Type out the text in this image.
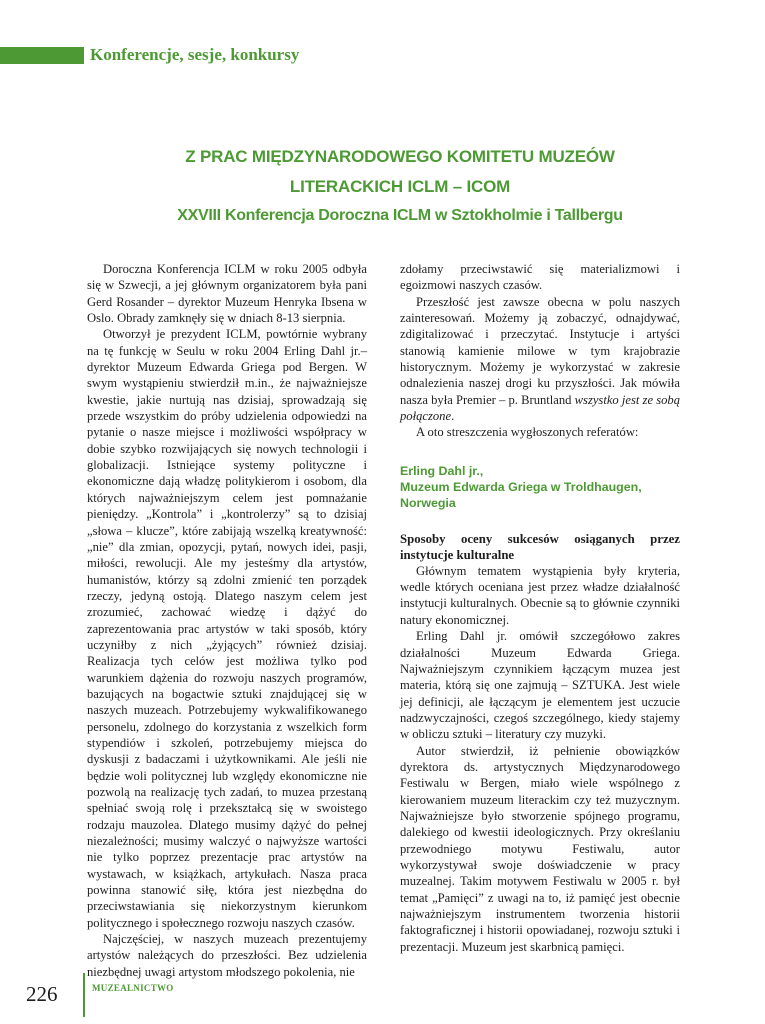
Konferencje, sesje, konkursy
Z PRAC MIĘDZYNARODOWEGO KOMITETU MUZEÓW
LITERACKICH ICLM – ICOM
XXVIII Konferencja Doroczna ICLM w Sztokholmie i Tallbergu

Doroczna Konferencja ICLM w roku 2005 odbyła się w Szwecji, a jej głównym organizatorem była pani Gerd Rosander – dyrektor Muzeum Henryka Ibsena w Oslo. Obrady zamknęły się w dniach 8-13 sierpnia.

Otworzył je prezydent ICLM, powtórnie wybrany na tę funkcję w Seulu w roku 2004 Erling Dahl jr.– dyrektor Muzeum Edwarda Griega pod Bergen. W swym wystąpieniu stwierdził m.in., że najważniejsze kwestie, jakie nurtują nas dzisiaj, sprowadzają się przede wszystkim do próby udzielenia odpowiedzi na pytanie o nasze miejsce i możliwości współpracy w dobie szybko rozwijających się nowych technologii i globalizacji. Istniejące systemy polityczne i ekonomiczne dają władzę politykierom i osobom, dla których najważniejszym celem jest pomnażanie pieniędzy. „Kontrola” i „kontrolerzy” są to dzisiaj „słowa – klucze”, które zabijają wszelką kreatywność: „nie” dla zmian, opozycji, pytań, nowych idei, pasji, miłości, rewolucji. Ale my jesteśmy dla artystów, humanistów, którzy są zdolni zmienić ten porządek rzeczy, jedyną ostoją. Dlatego naszym celem jest zrozumieć, zachować wiedzę i dążyć do zaprezentowania prac artystów w taki sposób, który uczyniłby z nich „żyjących” również dzisiaj. Realizacja tych celów jest możliwa tylko pod warunkiem dążenia do rozwoju naszych programów, bazujących na bogactwie sztuki znajdującej się w naszych muzeach. Potrzebujemy wykwalifikowanego personelu, zdolnego do korzystania z wszelkich form stypendiów i szkoleń, potrzebujemy miejsca do dyskusji z badaczami i użytkownikami. Ale jeśli nie będzie woli politycznej lub względy ekonomiczne nie pozwolą na realizację tych zadań, to muzea przestaną spełniać swoją rolę i przekształcą się w swoistego rodzaju mauzolea. Dlatego musimy dążyć do pełnej niezależności; musimy walczyć o najwyższe wartości nie tylko poprzez prezentacje prac artystów na wystawach, w książkach, artykułach. Nasza praca powinna stanowić siłę, która jest niezbędna do przeciwstawiania się niekorzystnym kierunkom politycznego i społecznego rozwoju naszych czasów.

Najczęściej, w naszych muzeach prezentujemy artystów należących do przeszłości. Bez udzielenia niezbędnej uwagi artystom młodszego pokolenia, nie

zdołamy przeciwstawić się materializmowi i egoizmowi naszych czasów.

Przeszłość jest zawsze obecna w polu naszych zainteresowań. Możemy ją zobaczyć, odnajdywać, zdigitalizować i przeczytać. Instytucje i artyści stanowią kamienie milowe w tym krajobrazie historycznym. Możemy je wykorzystać w zakresie odnalezienia naszej drogi ku przyszłości. Jak mówiła nasza była Premier – p. Bruntland wszystko jest ze sobą połączone.

A oto streszczenia wygłoszonych referatów:

Erling Dahl jr.,
Muzeum Edwarda Griega w Troldhaugen,
Norwegia
Sposoby oceny sukcesów osiąganych przez instytucje kulturalne

Głównym tematem wystąpienia były kryteria, wedle których oceniana jest przez władze działalność instytucji kulturalnych. Obecnie są to głównie czynniki natury ekonomicznej.

Erling Dahl jr. omówił szczegółowo zakres działalności Muzeum Edwarda Griega. Najważniejszym czynnikiem łączącym muzea jest materia, którą się one zajmują – SZTUKA. Jest wiele jej definicji, ale łączącym je elementem jest uczucie nadzwyczajności, czegoś szczególnego, kiedy stajemy w obliczu sztuki – literatury czy muzyki.

Autor stwierdził, iż pełnienie obowiązków dyrektora ds. artystycznych Międzynarodowego Festiwalu w Bergen, miało wiele wspólnego z kierowaniem muzeum literackim czy też muzycznym. Najważniejsze było stworzenie spójnego programu, dalekiego od kwestii ideologicznych. Przy określaniu przewodniego motywu Festiwalu, autor wykorzystywał swoje doświadczenie w pracy muzealnej. Takim motywem Festiwalu w 2005 r. był temat „Pamięci” z uwagi na to, iż pamięć jest obecnie najważniejszym instrumentem tworzenia historii faktograficznej i historii opowiadanej, rozwoju sztuki i prezentacji. Muzeum jest skarbnicą pamięci.

226	MUZEALNICTWO
